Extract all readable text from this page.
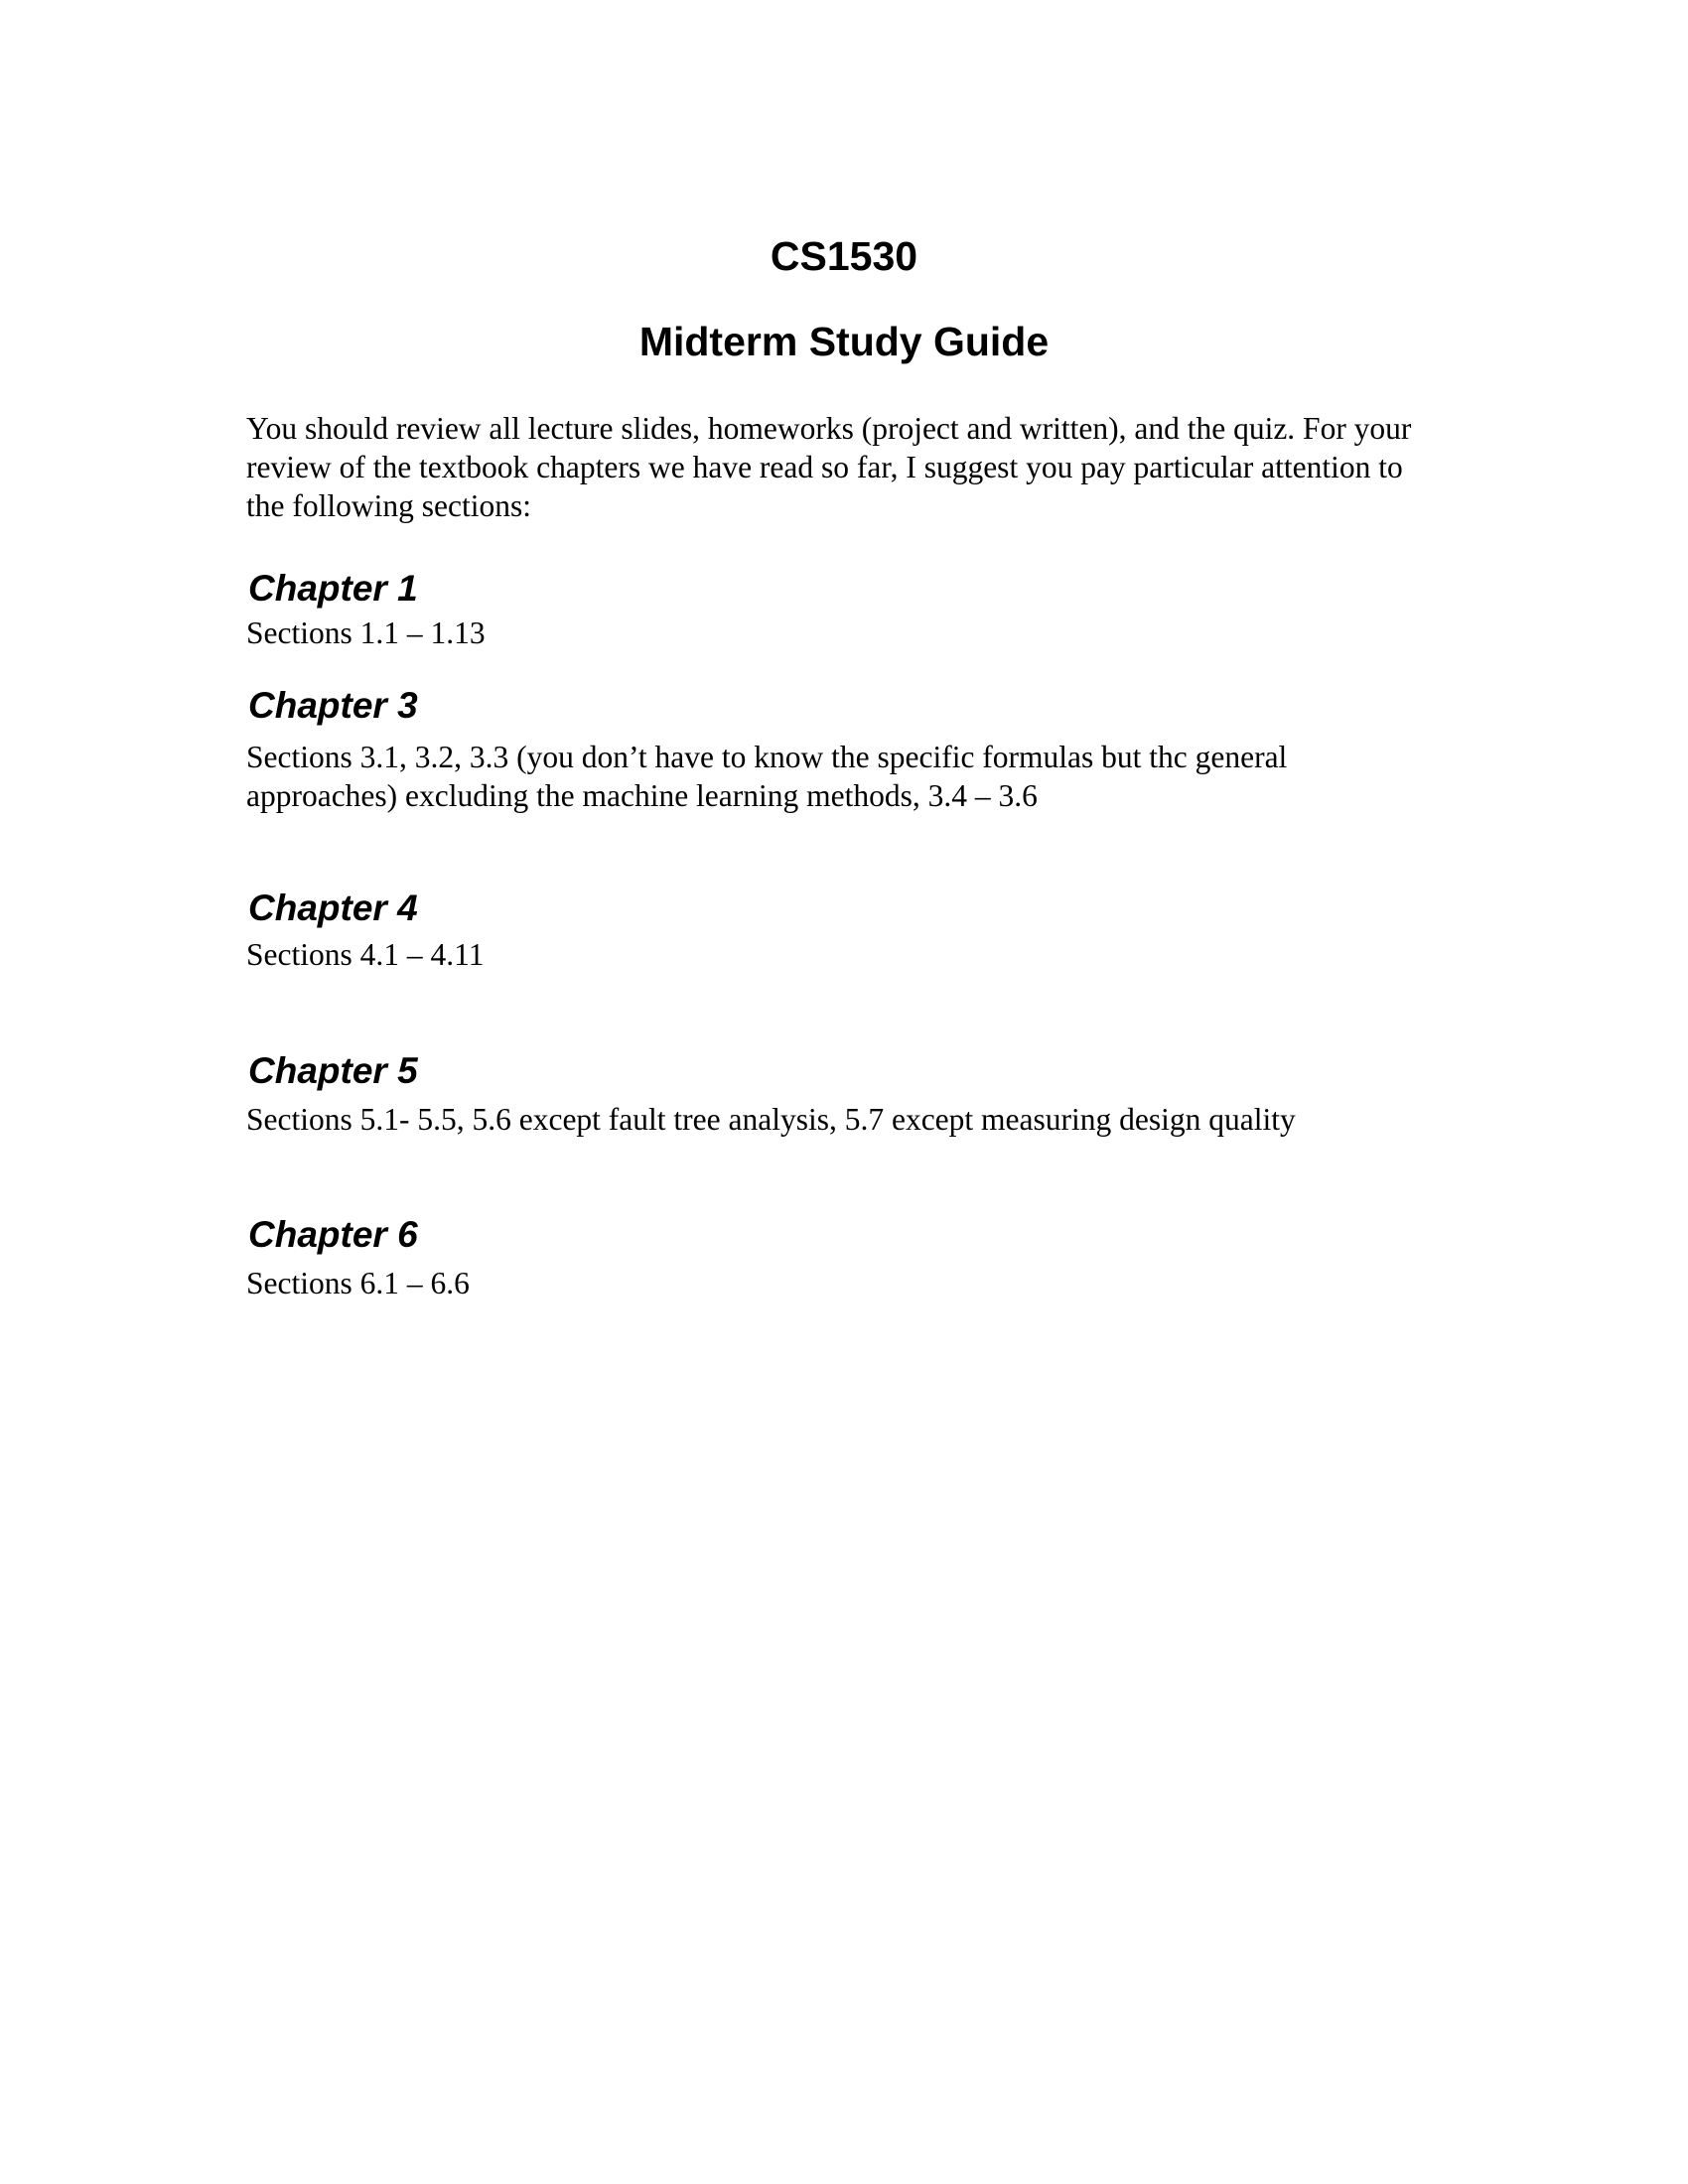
CS1530
Midterm Study Guide

You should review all lecture slides, homeworks (project and written), and the quiz. For your review of the textbook chapters we have read so far, I suggest you pay particular attention to the following sections:

Chapter 1

Sections 1.1 – 1.13

Chapter 3

Sections 3.1, 3.2, 3.3 (you don’t have to know the specific formulas but thc general approaches) excluding the machine learning methods, 3.4 – 3.6

Chapter 4

Sections 4.1 – 4.11

Chapter 5

Sections 5.1- 5.5, 5.6 except fault tree analysis, 5.7 except measuring design quality

Chapter 6

Sections 6.1 – 6.6
